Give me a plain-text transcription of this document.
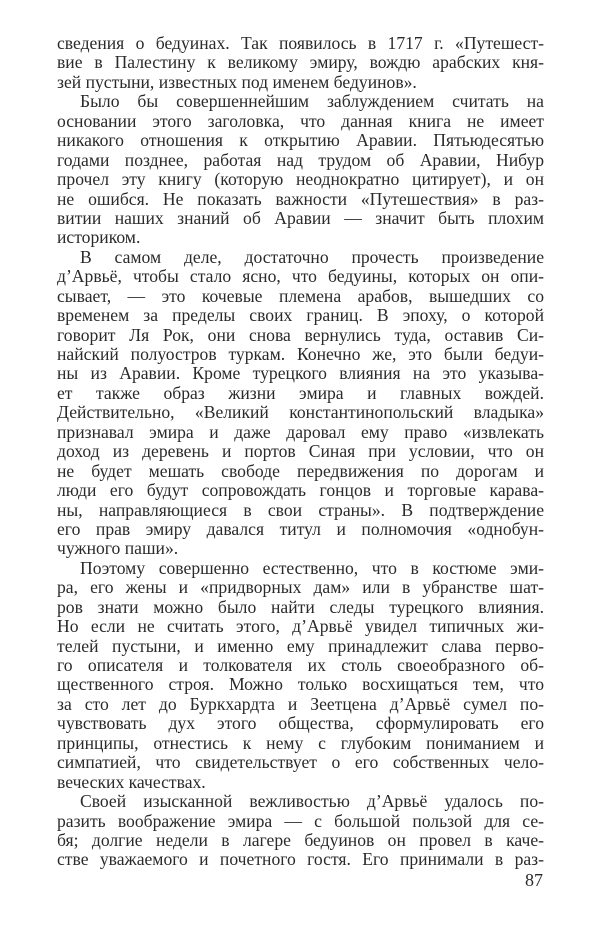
сведения о бедуинах. Так появилось в 1717 г. «Путешест-
вие в Палестину к великому эмиру, вождю арабских кня-
зей пустыни, известных под именем бедуинов».
Было бы совершеннейшим заблуждением считать на
основании этого заголовка, что данная книга не имеет
никакого отношения к открытию Аравии. Пятьюдесятью
годами позднее, работая над трудом об Аравии, Нибур
прочел эту книгу (которую неоднократно цитирует), и он
не ошибся. Не показать важности «Путешествия» в раз-
витии наших знаний об Аравии — значит быть плохим
историком.
В самом деле, достаточно прочесть произведение
д’Арвьё, чтобы стало ясно, что бедуины, которых он опи-
сывает, — это кочевые племена арабов, вышедших со
временем за пределы своих границ. В эпоху, о которой
говорит Ля Рок, они снова вернулись туда, оставив Си-
найский полуостров туркам. Конечно же, это были бедуи-
ны из Аравии. Кроме турецкого влияния на это указыва-
ет также образ жизни эмира и главных вождей.
Действительно, «Великий константинопольский владыка»
признавал эмира и даже даровал ему право «извлекать
доход из деревень и портов Синая при условии, что он
не будет мешать свободе передвижения по дорогам и
люди его будут сопровождать гонцов и торговые карава-
ны, направляющиеся в свои страны». В подтверждение
его прав эмиру давался титул и полномочия «однобун-
чужного паши».
Поэтому совершенно естественно, что в костюме эми-
ра, его жены и «придворных дам» или в убранстве шат-
ров знати можно было найти следы турецкого влияния.
Но если не считать этого, д’Арвьё увидел типичных жи-
телей пустыни, и именно ему принадлежит слава перво-
го описателя и толкователя их столь своеобразного об-
щественного строя. Можно только восхищаться тем, что
за сто лет до Буркхардта и Зеетцена д’Арвьё сумел по-
чувствовать дух этого общества, сформулировать его
принципы, отнестись к нему с глубоким пониманием и
симпатией, что свидетельствует о его собственных чело-
веческих качествах.
Своей изысканной вежливостью д’Арвьё удалось по-
разить воображение эмира — с большой пользой для се-
бя; долгие недели в лагере бедуинов он провел в каче-
стве уважаемого и почетного гостя. Его принимали в раз-
87
